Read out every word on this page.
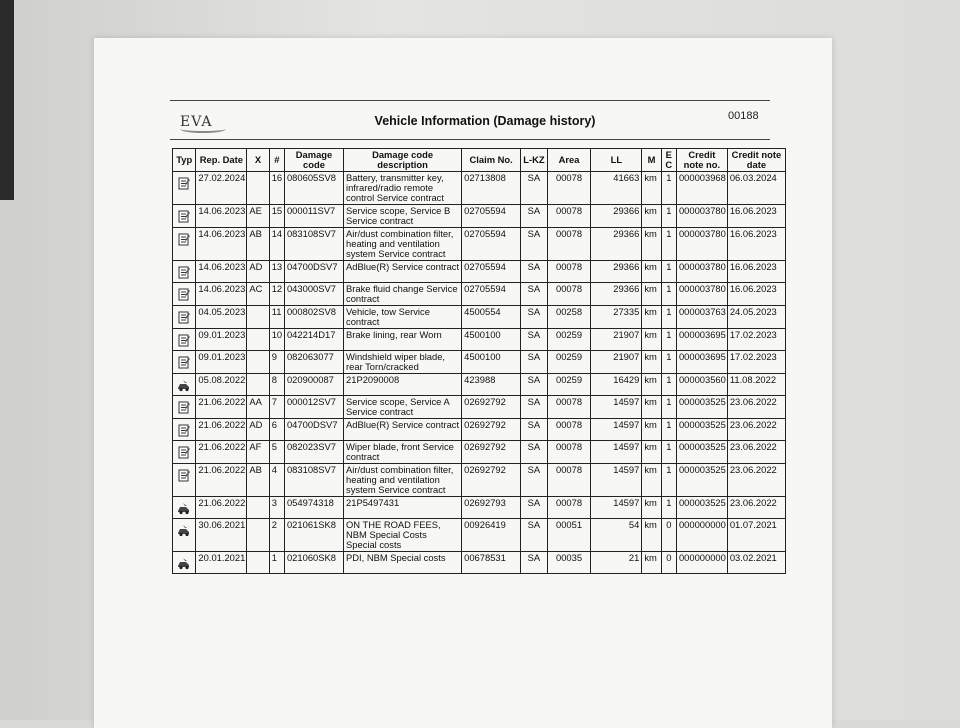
EVA	Vehicle Information (Damage history)	00188
Typ	Rep. Date	X	#	Damage code	Damage code description	Claim No.	L-KZ	Area	LL	M	E C	Credit note no.	Credit note date
	27.02.2024		16	080605SV8	Battery, transmitter key, infrared/radio remote control Service contract	02713808	SA	00078	41663	km	1	000003968	06.03.2024
	14.06.2023	AE	15	000011SV7	Service scope, Service B Service contract	02705594	SA	00078	29366	km	1	000003780	16.06.2023
	14.06.2023	AB	14	083108SV7	Air/dust combination filter, heating and ventilation system Service contract	02705594	SA	00078	29366	km	1	000003780	16.06.2023
	14.06.2023	AD	13	04700DSV7	AdBlue(R) Service contract	02705594	SA	00078	29366	km	1	000003780	16.06.2023
	14.06.2023	AC	12	043000SV7	Brake fluid change Service contract	02705594	SA	00078	29366	km	1	000003780	16.06.2023
	04.05.2023		11	000802SV8	Vehicle, tow Service contract	4500554	SA	00258	27335	km	1	000003763	24.05.2023
	09.01.2023		10	042214D17	Brake lining, rear Worn	4500100	SA	00259	21907	km	1	000003695	17.02.2023
	09.01.2023		9	082063077	Windshield wiper blade, rear Torn/cracked	4500100	SA	00259	21907	km	1	000003695	17.02.2023
	05.08.2022		8	020900087	21P2090008	423988	SA	00259	16429	km	1	000003560	11.08.2022
	21.06.2022	AA	7	000012SV7	Service scope, Service A Service contract	02692792	SA	00078	14597	km	1	000003525	23.06.2022
	21.06.2022	AD	6	04700DSV7	AdBlue(R) Service contract	02692792	SA	00078	14597	km	1	000003525	23.06.2022
	21.06.2022	AF	5	082023SV7	Wiper blade, front Service contract	02692792	SA	00078	14597	km	1	000003525	23.06.2022
	21.06.2022	AB	4	083108SV7	Air/dust combination filter, heating and ventilation system Service contract	02692792	SA	00078	14597	km	1	000003525	23.06.2022
	21.06.2022		3	054974318	21P5497431	02692793	SA	00078	14597	km	1	000003525	23.06.2022
	30.06.2021		2	021061SK8	ON THE ROAD FEES, NBM Special Costs Special costs	00926419	SA	00051	54	km	0	000000000	01.07.2021
	20.01.2021		1	021060SK8	PDI, NBM Special costs	00678531	SA	00035	21	km	0	000000000	03.02.2021
